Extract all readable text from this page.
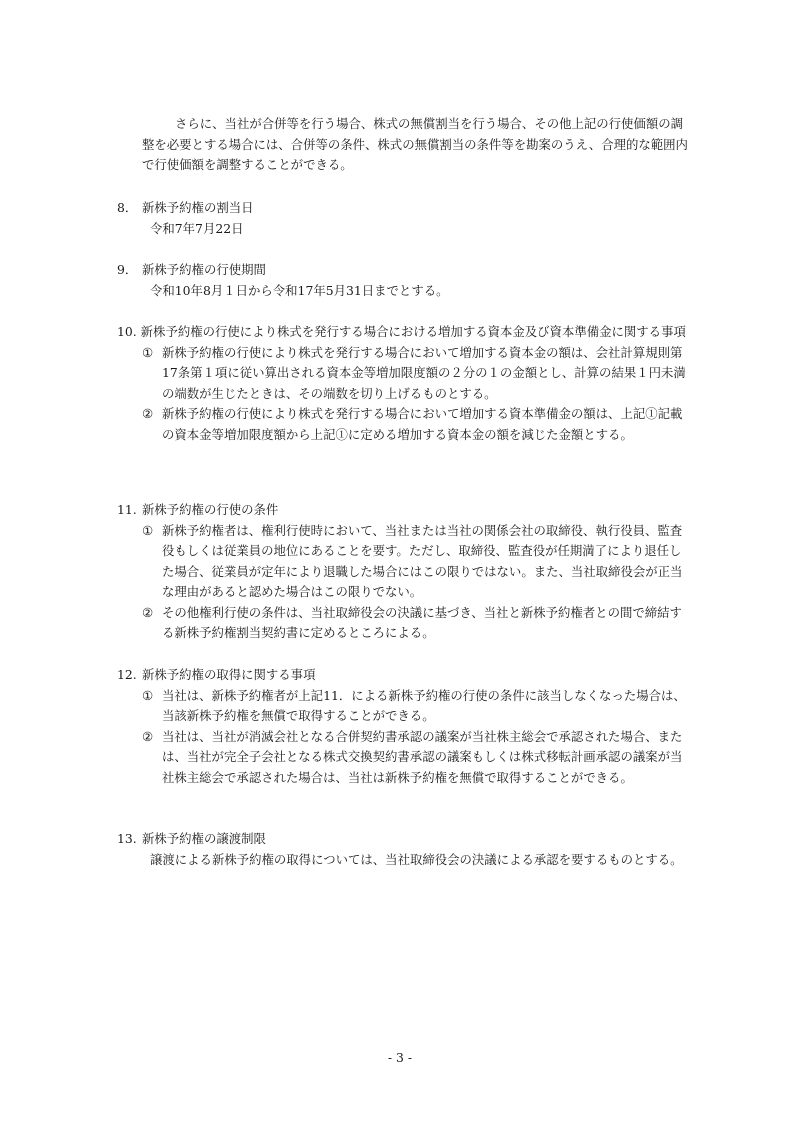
さらに、当社が合併等を行う場合、株式の無償割当を行う場合、その他上記の行使価額の調整を必要とする場合には、合併等の条件、株式の無償割当の条件等を勘案のうえ、合理的な範囲内で行使価額を調整することができる。

8． 新株予約権の割当日
令和7年7月22日
9． 新株予約権の行使期間
令和10年8月１日から令和17年5月31日までとする。
10. 新株予約権の行使により株式を発行する場合における増加する資本金及び資本準備金に関する事項
① 新株予約権の行使により株式を発行する場合において増加する資本金の額は、会社計算規則第17条第１項に従い算出される資本金等増加限度額の２分の１の金額とし、計算の結果１円未満の端数が生じたときは、その端数を切り上げるものとする。
② 新株予約権の行使により株式を発行する場合において増加する資本準備金の額は、上記①記載の資本金等増加限度額から上記①に定める増加する資本金の額を減じた金額とする。
11. 新株予約権の行使の条件
① 新株予約権者は、権利行使時において、当社または当社の関係会社の取締役、執行役員、監査役もしくは従業員の地位にあることを要す。ただし、取締役、監査役が任期満了により退任した場合、従業員が定年により退職した場合にはこの限りではない。また、当社取締役会が正当な理由があると認めた場合はこの限りでない。
② その他権利行使の条件は、当社取締役会の決議に基づき、当社と新株予約権者との間で締結する新株予約権割当契約書に定めるところによる。
12. 新株予約権の取得に関する事項
① 当社は、新株予約権者が上記11．による新株予約権の行使の条件に該当しなくなった場合は、当該新株予約権を無償で取得することができる。
② 当社は、当社が消滅会社となる合併契約書承認の議案が当社株主総会で承認された場合、または、当社が完全子会社となる株式交換契約書承認の議案もしくは株式移転計画承認の議案が当社株主総会で承認された場合は、当社は新株予約権を無償で取得することができる。
13. 新株予約権の譲渡制限
譲渡による新株予約権の取得については、当社取締役会の決議による承認を要するものとする。
- 3 -
